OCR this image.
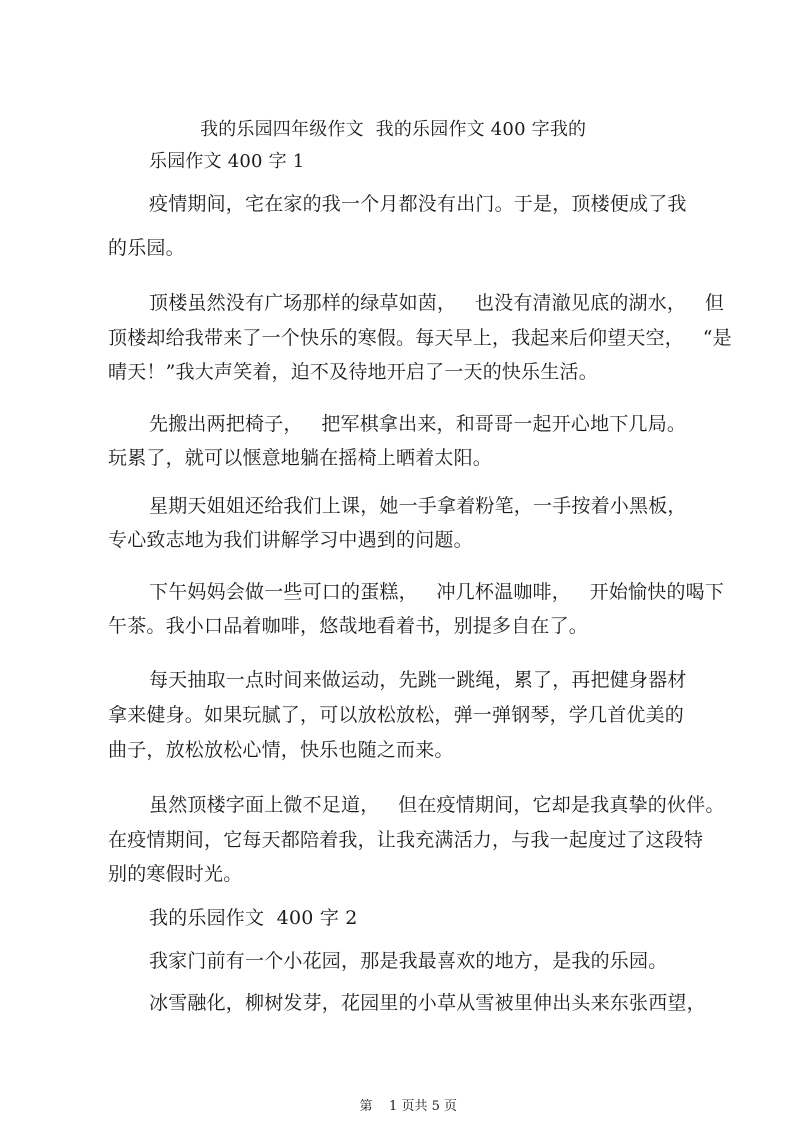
我的乐园四年级作文  我的乐园作文 400 字我的
乐园作文 400 字 1
疫情期间，宅在家的我一个月都没有出门。于是，顶楼便成了我
的乐园。
顶楼虽然没有广场那样的绿草如茵，   也没有清澈见底的湖水，   但
顶楼却给我带来了一个快乐的寒假。每天早上，我起来后仰望天空，   “是
晴天！”我大声笑着，迫不及待地开启了一天的快乐生活。
先搬出两把椅子，   把军棋拿出来，和哥哥一起开心地下几局。
玩累了，就可以惬意地躺在摇椅上晒着太阳。
星期天姐姐还给我们上课，她一手拿着粉笔，一手按着小黑板，
专心致志地为我们讲解学习中遇到的问题。
下午妈妈会做一些可口的蛋糕，   冲几杯温咖啡，   开始愉快的喝下
午茶。我小口品着咖啡，悠哉地看着书，别提多自在了。
每天抽取一点时间来做运动，先跳一跳绳，累了，再把健身器材
拿来健身。如果玩腻了，可以放松放松，弹一弹钢琴，学几首优美的
曲子，放松放松心情，快乐也随之而来。
虽然顶楼字面上微不足道，   但在疫情期间，它却是我真挚的伙伴。
在疫情期间，它每天都陪着我，让我充满活力，与我一起度过了这段特
别的寒假时光。
我的乐园作文  400 字 2
我家门前有一个小花园，那是我最喜欢的地方，是我的乐园。
冰雪融化，柳树发芽，花园里的小草从雪被里伸出头来东张西望，

第    1 页共 5 页
